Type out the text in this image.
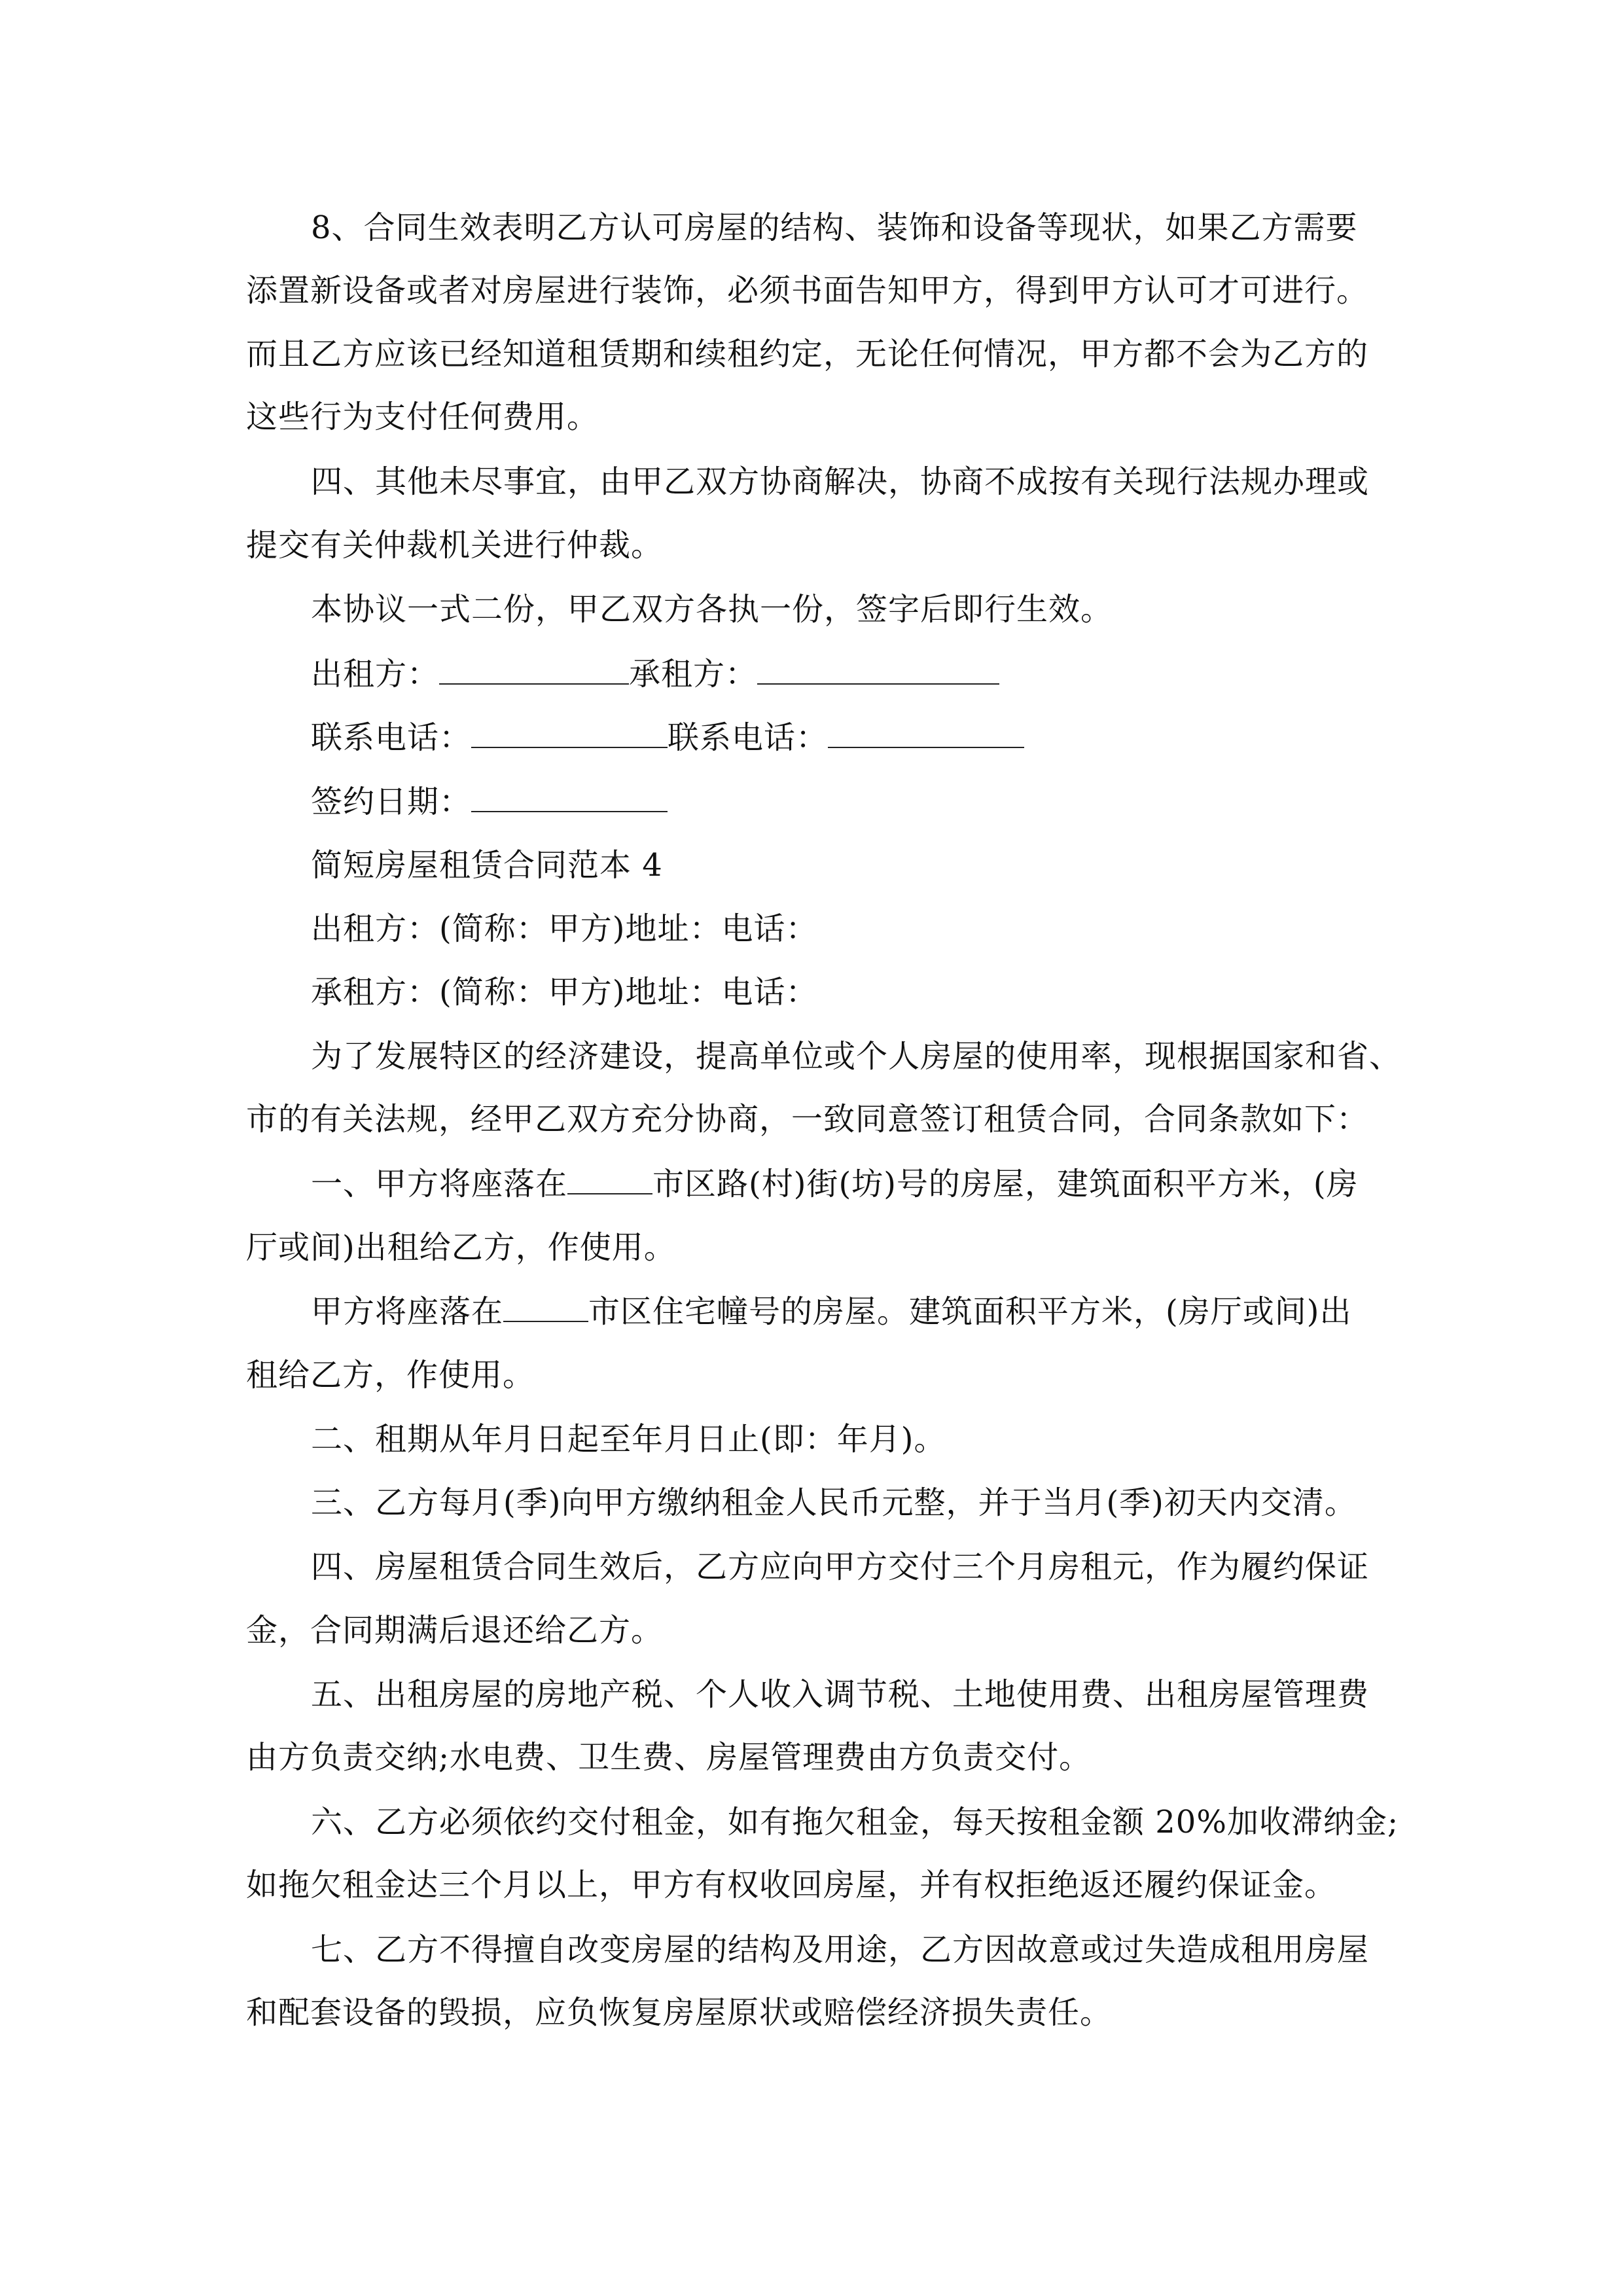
8、合同生效表明乙方认可房屋的结构、装饰和设备等现状，如果乙方需要
添置新设备或者对房屋进行装饰，必须书面告知甲方，得到甲方认可才可进行。
而且乙方应该已经知道租赁期和续租约定，无论任何情况，甲方都不会为乙方的
这些行为支付任何费用。
四、其他未尽事宜，由甲乙双方协商解决，协商不成按有关现行法规办理或
提交有关仲裁机关进行仲裁。
本协议一式二份，甲乙双方各执一份，签字后即行生效。
出租方：	承租方：
联系电话：	联系电话：
签约日期：
简短房屋租赁合同范本 4
出租方：(简称：甲方)地址：电话：
承租方：(简称：甲方)地址：电话：
为了发展特区的经济建设，提高单位或个人房屋的使用率，现根据国家和省、
市的有关法规，经甲乙双方充分协商，一致同意签订租赁合同，合同条款如下：
一、甲方将座落在	市区路(村)街(坊)号的房屋，建筑面积平方米，(房
厅或间)出租给乙方，作使用。
甲方将座落在	市区住宅幢号的房屋。建筑面积平方米，(房厅或间)出
租给乙方，作使用。
二、租期从年月日起至年月日止(即：年月)。
三、乙方每月(季)向甲方缴纳租金人民币元整，并于当月(季)初天内交清。
四、房屋租赁合同生效后，乙方应向甲方交付三个月房租元，作为履约保证
金，合同期满后退还给乙方。
五、出租房屋的房地产税、个人收入调节税、土地使用费、出租房屋管理费
由方负责交纳;水电费、卫生费、房屋管理费由方负责交付。
六、乙方必须依约交付租金，如有拖欠租金，每天按租金额 20%加收滞纳金;
如拖欠租金达三个月以上，甲方有权收回房屋，并有权拒绝返还履约保证金。
七、乙方不得擅自改变房屋的结构及用途，乙方因故意或过失造成租用房屋
和配套设备的毁损，应负恢复房屋原状或赔偿经济损失责任。
